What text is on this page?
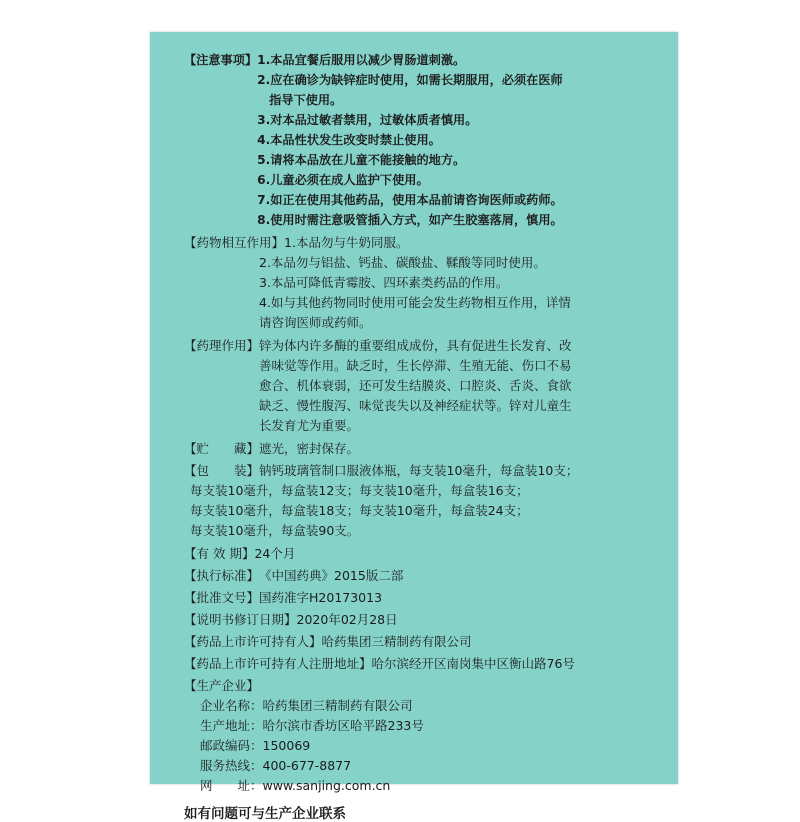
【注意事项】 1.本品宜餐后服用以减少胃肠道刺激。
2.应在确诊为缺锌症时使用，如需长期服用，必须在医师
指导下使用。
3.对本品过敏者禁用，过敏体质者慎用。
4.本品性状发生改变时禁止使用。
5.请将本品放在儿童不能接触的地方。
6.儿童必须在成人监护下使用。
7.如正在使用其他药品，使用本品前请咨询医师或药师。
8.使用时需注意吸管插入方式，如产生胶塞落屑，慎用。
【药物相互作用】 1.本品勿与牛奶同服。
2.本品勿与铝盐、钙盐、碳酸盐、鞣酸等同时使用。
3.本品可降低青霉胺、四环素类药品的作用。
4.如与其他药物同时使用可能会发生药物相互作用，详情
请咨询医师或药师。
【药理作用】 锌为体内许多酶的重要组成成份，具有促进生长发育、改
善味觉等作用。缺乏时，生长停滞、生殖无能、伤口不易
愈合、机体衰弱，还可发生结膜炎、口腔炎、舌炎、食欲
缺乏、慢性腹泻、味觉丧失以及神经症状等。锌对儿童生
长发育尤为重要。
【贮　　藏】 遮光，密封保存。
【包　　装】 钠钙玻璃管制口服液体瓶，每支装10毫升，每盒装10支；
每支装10毫升，每盒装12支；每支装10毫升，每盒装16支；
每支装10毫升，每盒装18支；每支装10毫升，每盒装24支；
每支装10毫升，每盒装90支。
【有 效 期】 24个月
【执行标准】 《中国药典》2015版二部
【批准文号】 国药准字H20173013
【说明书修订日期】 2020年02月28日
【药品上市许可持有人】 哈药集团三精制药有限公司
【药品上市许可持有人注册地址】 哈尔滨经开区南岗集中区衡山路76号
【生产企业】
企业名称： 哈药集团三精制药有限公司
生产地址： 哈尔滨市香坊区哈平路233号
邮政编码： 150069
服务热线： 400-677-8877
网　　址： www.sanjing.com.cn
如有问题可与生产企业联系
